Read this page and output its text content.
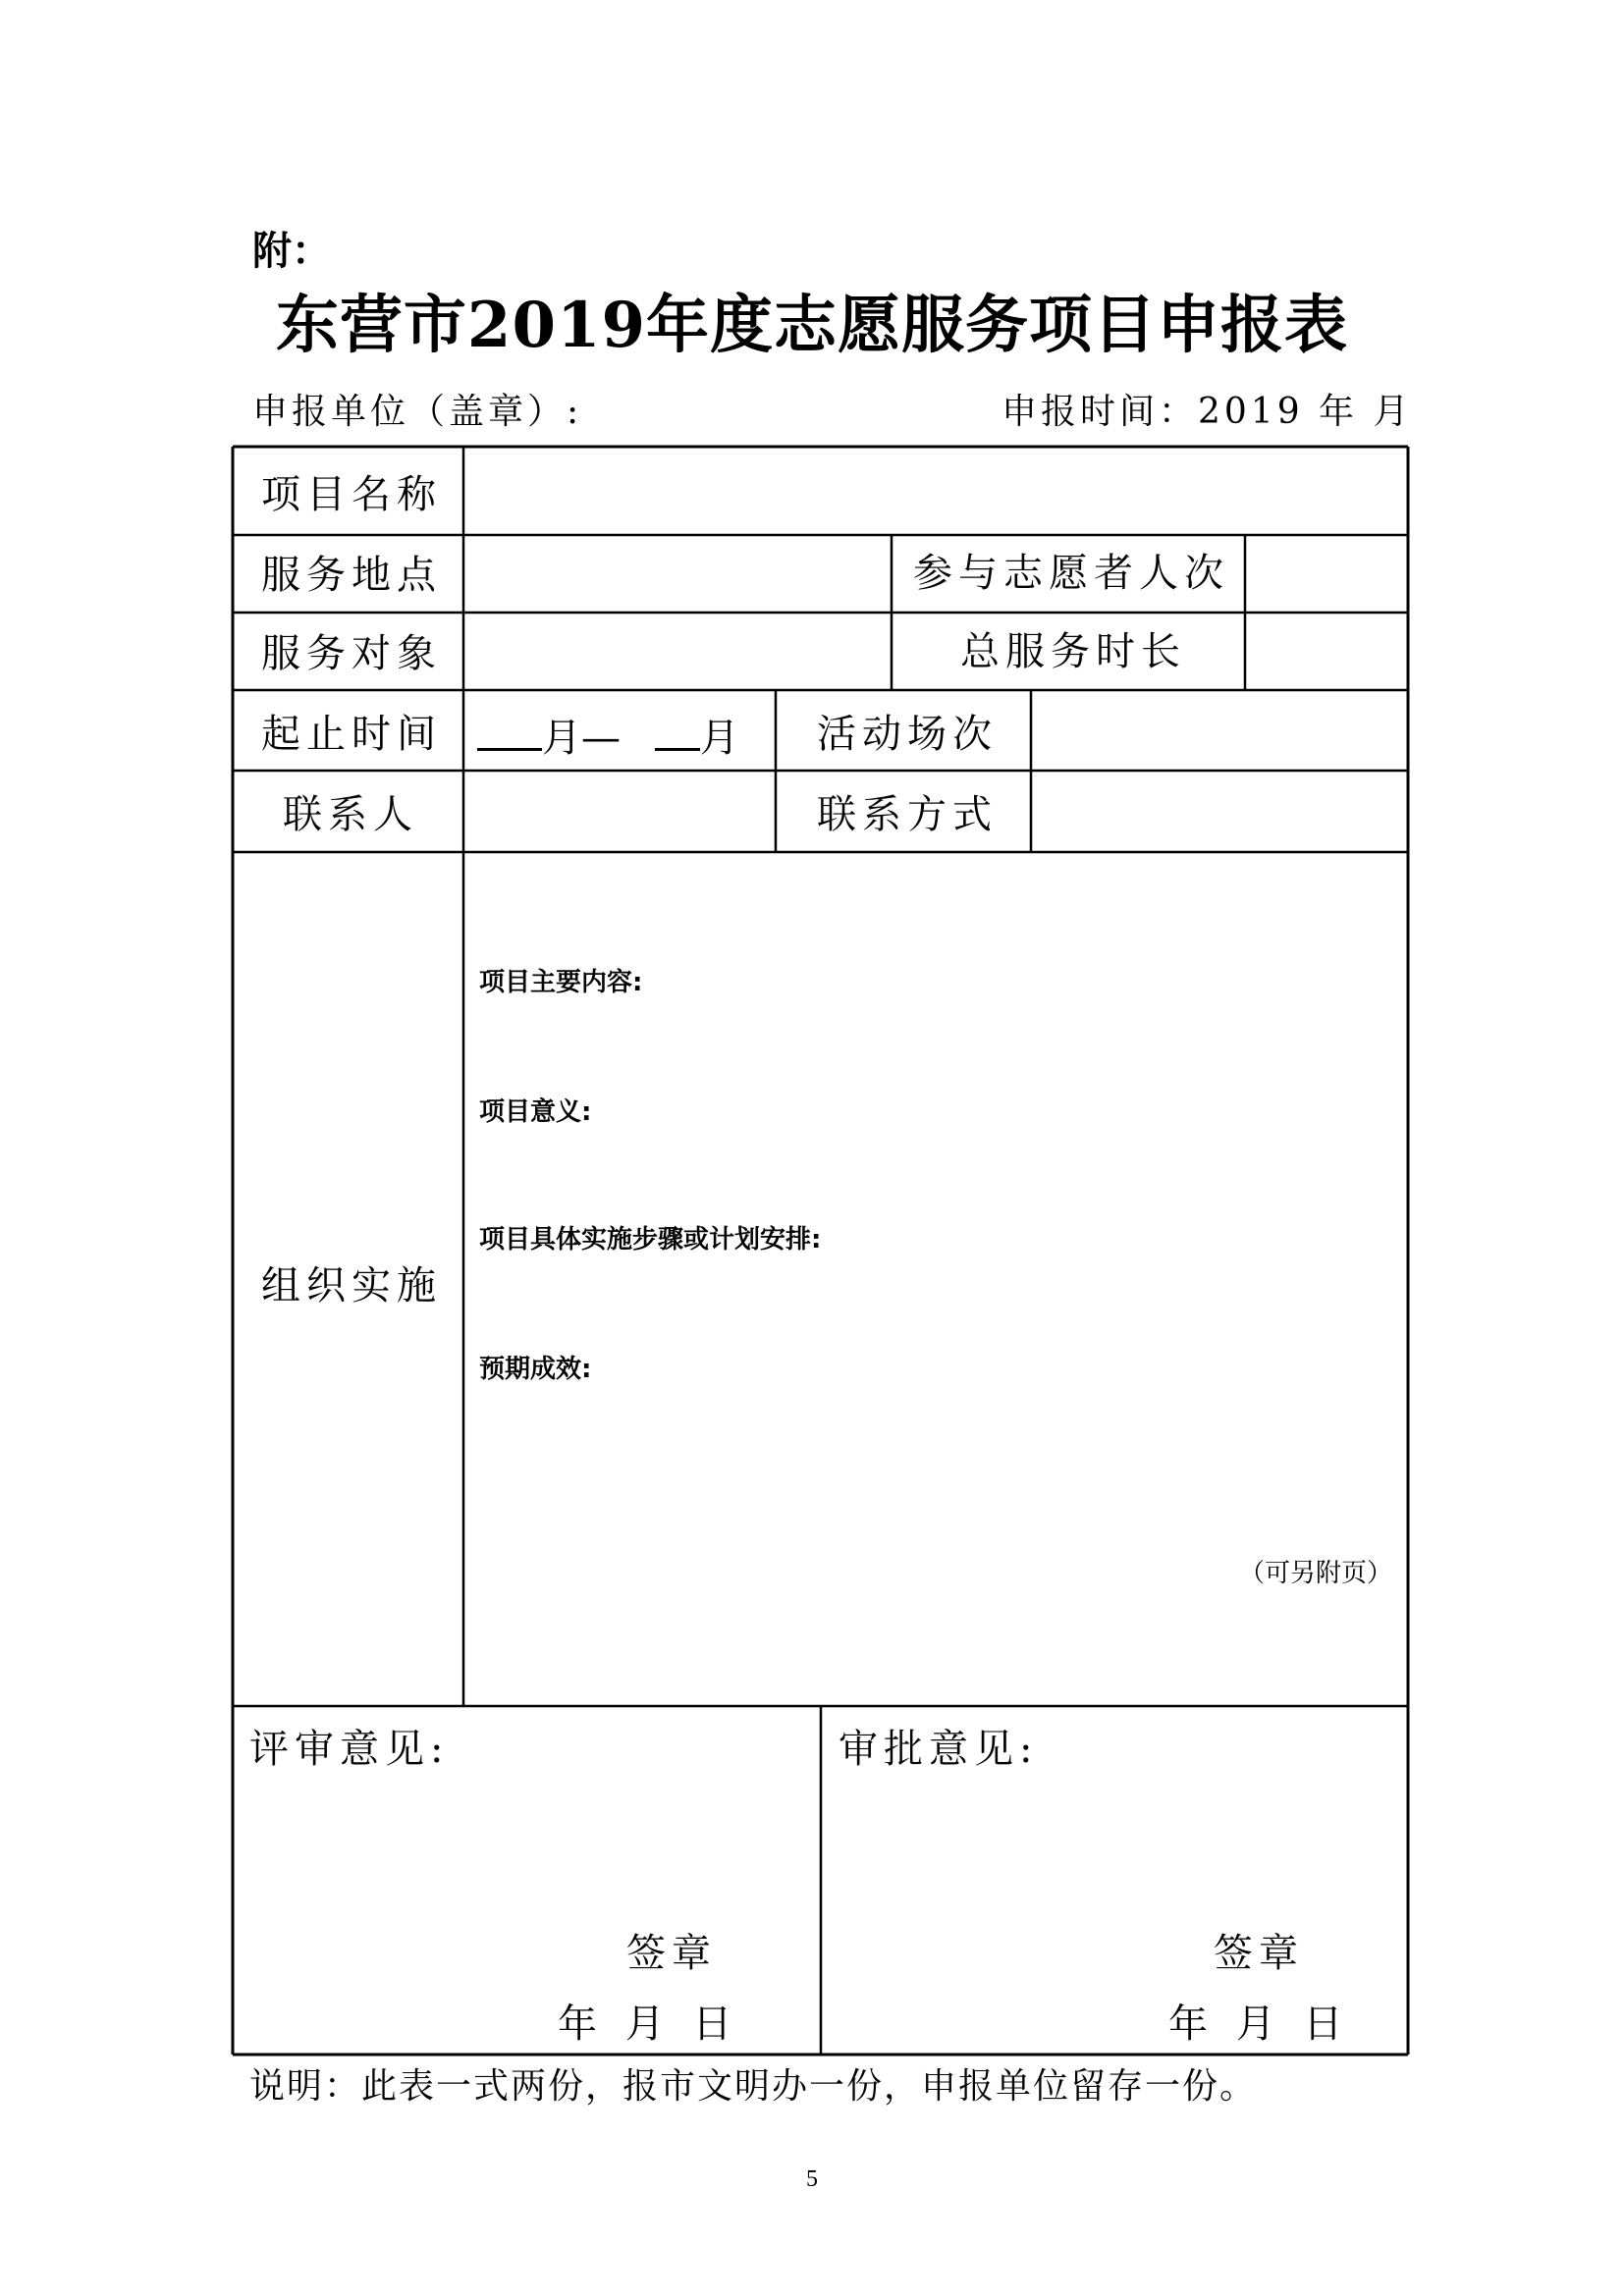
附：
东营市2019年度志愿服务项目申报表
申报单位（盖章）:	申报时间：2019 年 月
项目名称
服务地点	参与志愿者人次
服务对象	总服务时长
起止时间	月— 月 活动场次
联系人	联系方式
组织实施
项目主要内容:
项目意义:
项目具体实施步骤或计划安排:
预期成效:
（可另附页）
评审意见:
签章
年 月 日
审批意见:
签章
年 月 日
说明：此表一式两份，报市文明办一份，申报单位留存一份。
5
